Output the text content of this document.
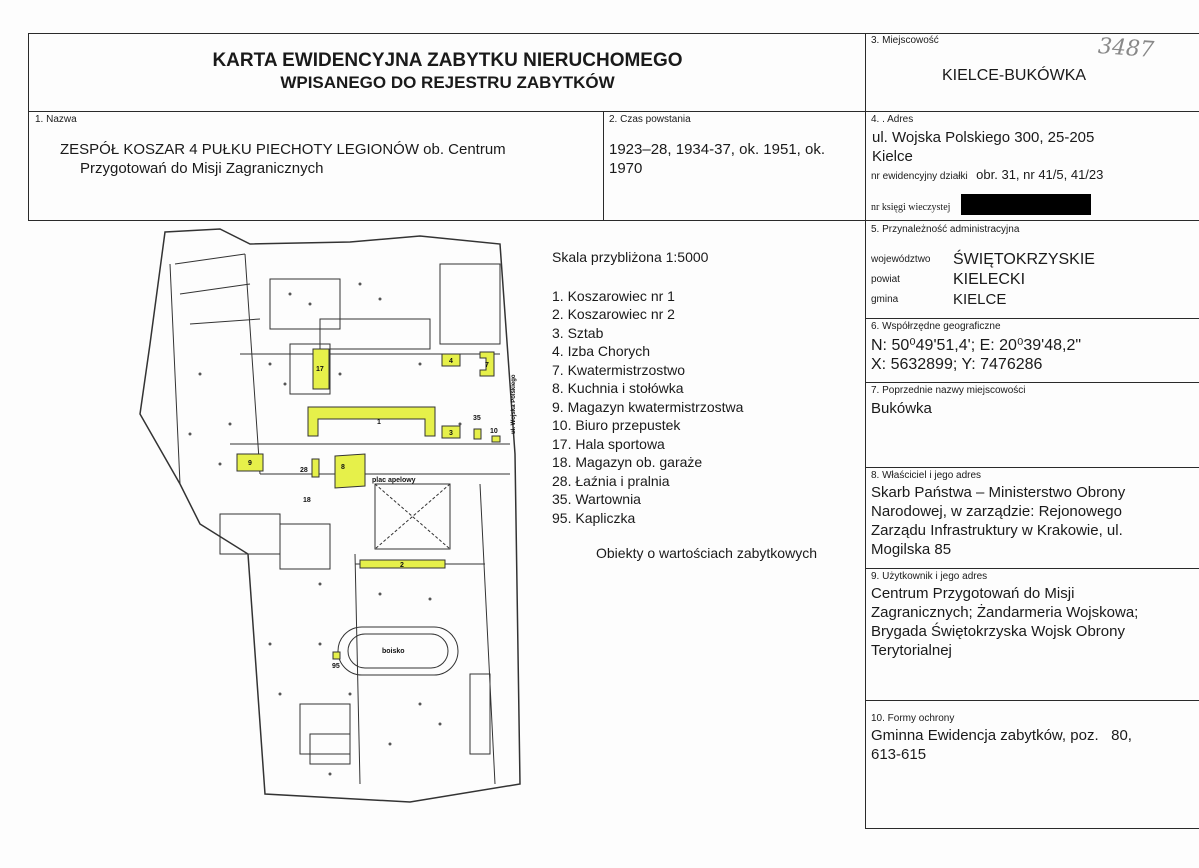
KARTA EWIDENCYJNA ZABYTKU NIERUCHOMEGO
WPISANEGO DO REJESTRU ZABYTKÓW
3487
3. Miejscowość
KIELCE-BUKÓWKA
1. Nazwa
ZESPÓŁ KOSZAR 4 PUŁKU PIECHOTY LEGIONÓW ob. Centrum
Przygotowań do Misji Zagranicznych
2. Czas powstania
1923–28, 1934-37, ok. 1951, ok.
1970
4. . Adres
ul. Wojska Polskiego 300, 25-205
Kielce
nr ewidencyjny działki obr. 31, nr 41/5, 41/23
nr księgi wieczystej
5. Przynależność administracyjna
województwo ŚWIĘTOKRZYSKIE
powiat	KIELECKI
gmina	KIELCE
6. Współrzędne geograficzne
N: 50⁰49'51,4'; E: 20⁰39'48,2"
X: 5632899; Y: 7476286
7. Poprzednie nazwy miejscowości
Bukówka
8. Właściciel i jego adres
Skarb Państwa – Ministerstwo Obrony
Narodowej, w zarządzie: Rejonowego
Zarządu Infrastruktury w Krakowie, ul.
Mogilska 85
9. Użytkownik i jego adres
Centrum Przygotowań do Misji
Zagranicznych; Żandarmeria Wojskowa;
Brygada Świętokrzyska Wojsk Obrony
Terytorialnej
10. Formy ochrony
Gminna Ewidencja zabytków, poz.   80,
613-615
Skala przybliżona 1:5000
1. Koszarowiec nr 1
2. Koszarowiec nr 2
3. Sztab
4. Izba Chorych
7. Kwatermistrzostwo
8. Kuchnia i stołówka
9. Magazyn kwatermistrzostwa
10. Biuro przepustek
17. Hala sportowa
18. Magazyn ob. garaże
28. Łaźnia i pralnia
35. Wartownia
95. Kapliczka
Obiekty o wartościach zabytkowych
1
2
3
4
7
8
9
10
17
18
28
35
95
plac apelowy
boisko
ul. Wojska Polskiego
